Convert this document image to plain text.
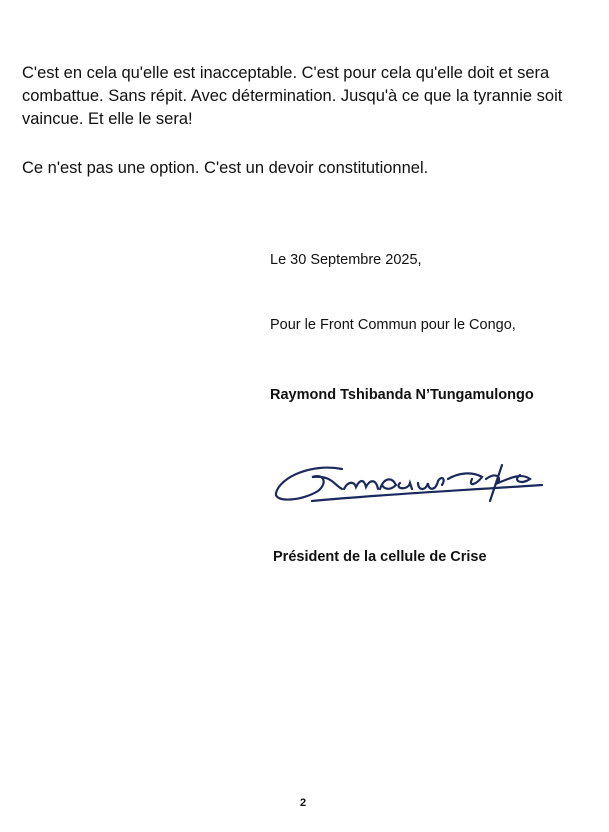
C'est en cela qu'elle est inacceptable. C'est pour cela qu'elle doit et sera combattue. Sans répit. Avec détermination. Jusqu'à ce que la tyrannie soit vaincue. Et elle le sera!

Ce n'est pas une option. C'est un devoir constitutionnel.

Le 30 Septembre 2025,

Pour le Front Commun pour le Congo,

Raymond Tshibanda N’Tungamulongo

Président de la cellule de Crise

2
